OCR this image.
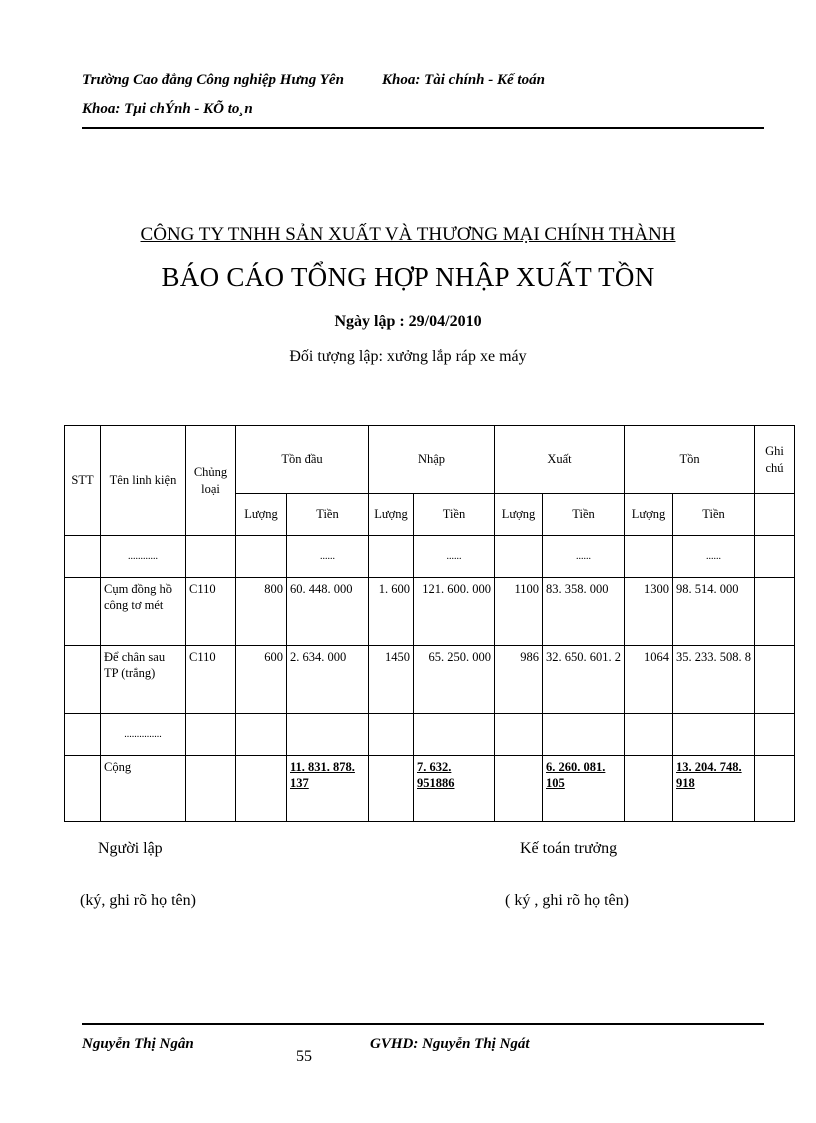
Trường Cao đẳng Công nghiệp Hưng Yên	Khoa: Tài chính - Kế toán
Khoa: Tµi chÝnh - KÕ to¸n
CÔNG TY TNHH SẢN XUẤT VÀ THƯƠNG MẠI CHÍNH THÀNH
BÁO CÁO TỔNG HỢP NHẬP XUẤT TỒN
Ngày lập : 29/04/2010
Đối tượng lập: xưởng lắp ráp xe máy
STT	Tên linh kiện	Chủng loại	Tồn đầu		Nhập		Xuất		Tồn		Ghi chú
			Lượng	Tiền	Lượng	Tiền	Lượng	Tiền	Lượng	Tiền	
	............			......		......		......		......	
	Cụm đồng hồ công tơ mét	C110	800	60. 448. 000	1. 600	121. 600. 000	1100	83. 358. 000	1300	98. 514. 000	
	Để chân sau TP (trắng)	C110	600	2. 634. 000	1450	65. 250. 000	986	32. 650. 601. 2	1064	35. 233. 508. 8	
	...............										
	Cộng			11. 831. 878. 137		7. 632. 951886		6. 260. 081. 105		13. 204. 748. 918	
Người lập
(ký, ghi rõ họ tên)
Kế toán trưởng
( ký , ghi rõ họ tên)
Nguyễn Thị Ngân
55
GVHD: Nguyễn Thị Ngát
